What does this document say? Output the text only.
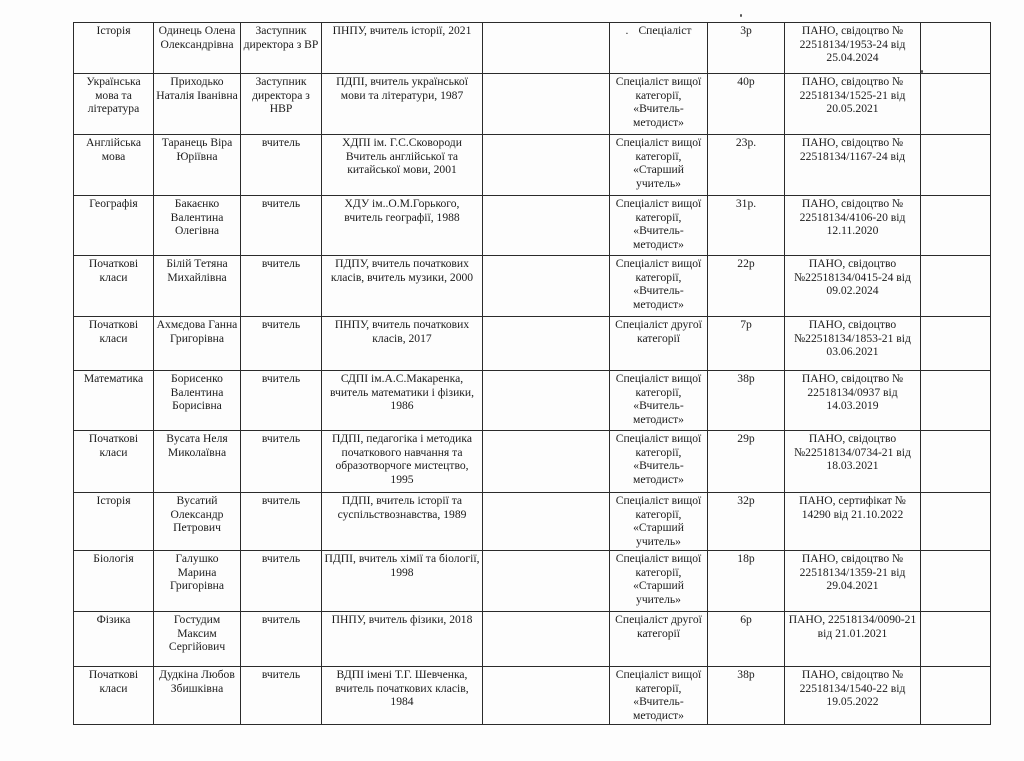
Історія	Одинець Олена Олександрівна	Заступник директора з ВР	ПНПУ, вчитель історії, 2021		. Спеціаліст	3р	ПАНО, свідоцтво № 22518134/1953-24 від 25.04.2024	
Українська мова та література	Приходько Наталія Іванівна	Заступник директора з НВР	ПДПІ, вчитель української мови та літератури, 1987		Спеціаліст вищої категорії, «Вчитель-методист»	40р	ПАНО, свідоцтво № 22518134/1525-21 від 20.05.2021	
Англійська мова	Таранець Віра Юріївна	вчитель	ХДПІ ім. Г.С.Сковороди Вчитель англійської та китайської мови, 2001		Спеціаліст вищої категорії, «Старший учитель»	23р.	ПАНО, свідоцтво № 22518134/1167-24 від	
Географія	Бакаєнко Валентина Олегівна	вчитель	ХДУ ім..О.М.Горького, вчитель географії, 1988		Спеціаліст вищої категорії, «Вчитель-методист»	31р.	ПАНО, свідоцтво № 22518134/4106-20 від 12.11.2020	
Початкові класи	Білій Тетяна Михайлівна	вчитель	ПДПУ, вчитель початкових класів, вчитель музики, 2000		Спеціаліст вищої категорії, «Вчитель-методист»	22р	ПАНО, свідоцтво №22518134/0415-24 від 09.02.2024	
Початкові класи	Ахмєдова Ганна Григорівна	вчитель	ПНПУ, вчитель початкових класів, 2017		Спеціаліст другої категорії	7р	ПАНО, свідоцтво №22518134/1853-21 від 03.06.2021	
Математика	Борисенко Валентина Борисівна	вчитель	СДПІ ім.А.С.Макаренка, вчитель математики і фізики, 1986		Спеціаліст вищої категорії, «Вчитель-методист»	38р	ПАНО, свідоцтво № 22518134/0937 від 14.03.2019	
Початкові класи	Вусата Неля Миколаївна	вчитель	ПДПІ, педагогіка і методика початкового навчання та образотворчоге мистецтво, 1995		Спеціаліст вищої категорії, «Вчитель-методист»	29р	ПАНО, свідоцтво №22518134/0734-21 від 18.03.2021	
Історія	Вусатий Олександр Петрович	вчитель	ПДПІ, вчитель історії та суспільствознавства, 1989		Спеціаліст вищої категорії, «Старший учитель»	32р	ПАНО, сертифікат № 14290 від 21.10.2022	
Біологія	Галушко Марина Григорівна	вчитель	ПДПІ, вчитель хімії та біології, 1998		Спеціаліст вищої категорії, «Старший учитель»	18р	ПАНО, свідоцтво № 22518134/1359-21 від 29.04.2021	
Фізика	Гостудим Максим Сергійович	вчитель	ПНПУ, вчитель фізики, 2018		Спеціаліст другої категорії	6р	ПАНО, 22518134/0090-21 від 21.01.2021	
Початкові класи	Дудкіна Любов Збишківна	вчитель	ВДПІ імені Т.Г. Шевченка, вчитель початкових класів, 1984		Спеціаліст вищої категорії, «Вчитель-методист»	38р	ПАНО, свідоцтво № 22518134/1540-22 від 19.05.2022	
